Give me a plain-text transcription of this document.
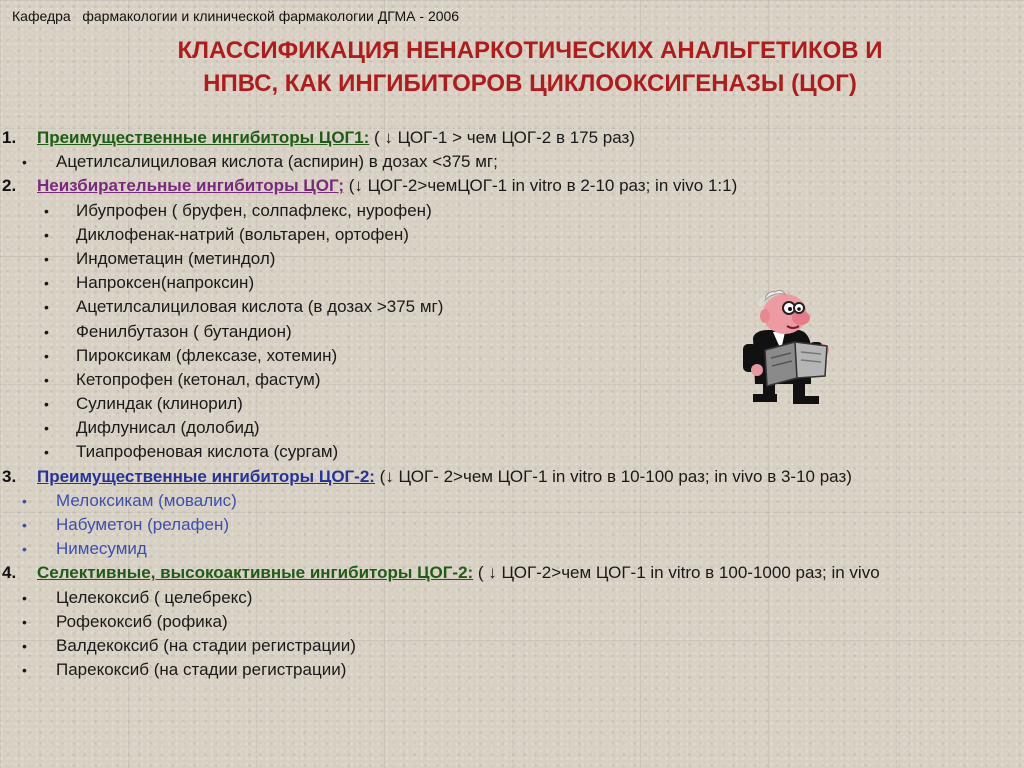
Кафедра   фармакологии и клинической фармакологии ДГМА - 2006
КЛАССИФИКАЦИЯ НЕНАРКОТИЧЕСКИХ АНАЛЬГЕТИКОВ И
НПВС, КАК ИНГИБИТОРОВ ЦИКЛООКСИГЕНАЗЫ (ЦОГ)
1. Преимущественные ингибиторы ЦОГ1: ( ↓ ЦОГ-1 > чем ЦОГ-2 в 175 раз)
• Ацетилсалициловая кислота (аспирин) в дозах <375 мг;
2. Неизбирательные ингибиторы ЦОГ; (↓ ЦОГ-2>чемЦОГ-1 in vitro в 2-10 раз; in vivo 1:1)
• Ибупрофен ( бруфен, солпафлекс, нурофен)
• Диклофенак-натрий (вольтарен, ортофен)
• Индометацин (метиндол)
• Напроксен(напроксин)
• Ацетилсалициловая кислота (в дозах >375 мг)
• Фенилбутазон ( бутандион)
• Пироксикам (флексазе, хотемин)
• Кетопрофен (кетонал, фастум)
• Сулиндак (клинорил)
• Дифлунисал (долобид)
• Тиапрофеновая кислота (сургам)
3. Преимущественные ингибиторы ЦОГ-2: (↓ ЦОГ- 2>чем ЦОГ-1 in vitro в 10-100 раз; in vivo в 3-10 раз)
• Мелоксикам (мовалис)
• Набуметон (релафен)
• Нимесумид
4. Селективные, высокоактивные ингибиторы ЦОГ-2: ( ↓ ЦОГ-2>чем ЦОГ-1 in vitro в 100-1000 раз; in vivo
• Целекоксиб ( целебрекс)
• Рофекоксиб (рофика)
• Валдекоксиб (на стадии регистрации)
• Парекоксиб (на стадии регистрации)
